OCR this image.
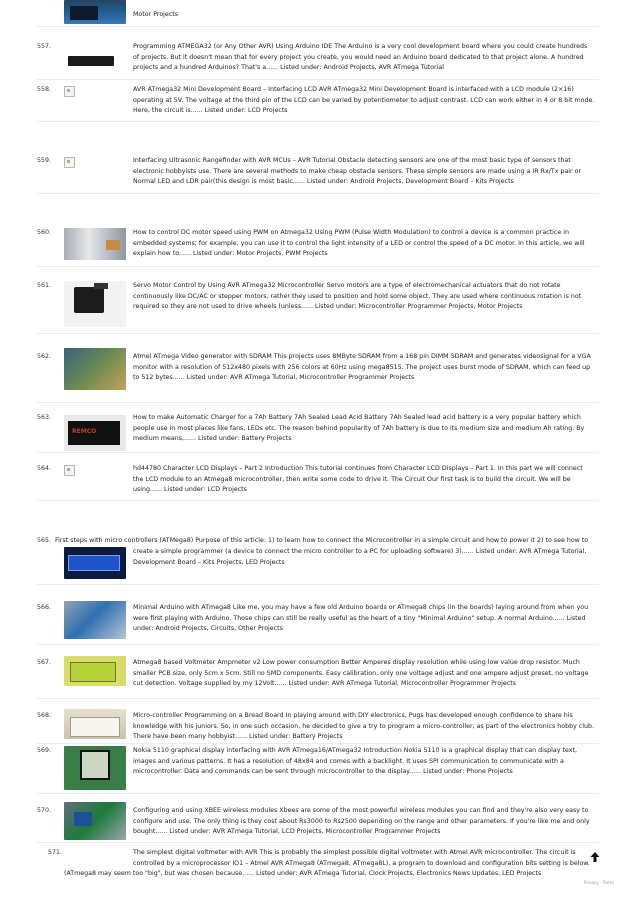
Motor Projects
557.	Programming ATMEGA32 (or Any Other AVR) Using Arduino IDE The Arduino is a very cool development board where you could create hundreds of projects. But it doesn't mean that for every project you create, you would need an Arduino board dedicated to that project alone. A hundred projects and a hundred Arduinos? That's a...... Listed under: Android Projects, AVR ATmega Tutorial
558.	AVR ATmega32 Mini Development Board – Interfacing LCD AVR ATmega32 Mini Development Board is interfaced with a LCD module (2×16) operating at 5V. The voltage at the third pin of the LCD can be varied by potentiometer to adjust contrast. LCD can work either in 4 or 8 bit mode. Here, the circuit is...... Listed under: LCD Projects
559.	Interfacing Ultrasonic Rangefinder with AVR MCUs – AVR Tutorial Obstacle detecting sensors are one of the most basic type of sensors that electronic hobbyists use. There are several methods to make cheap obstacle sensors. These simple sensors are made using a IR Rx/Tx pair or Normal LED and LDR pair(this design is most basic...... Listed under: Android Projects, Development Board – Kits Projects
560.	How to control DC motor speed using PWM on Atmega32 Using PWM (Pulse Width Modulation) to control a device is a common practice in embedded systems; for example, you can use it to control the light intensity of a LED or control the speed of a DC motor. In this article, we will explain how to...... Listed under: Motor Projects, PWM Projects
561.	Servo Motor Control by Using AVR ATmega32 Microcontroller Servo motors are a type of electromechanical actuators that do not rotate continuously like DC/AC or stepper motors, rather they used to position and hold some object. They are used where continuous rotation is not required so they are not used to drive wheels (unless...... Listed under: Microcontroller Programmer Projects, Motor Projects
562.	Atmel ATmega Video generator with SDRAM This projects uses 8MByte SDRAM from a 168 pin DIMM SDRAM and generates videosignal for a VGA monitor with a resolution of 512x480 pixels with 256 colors at 60Hz using mega8515. The project uses burst mode of SDRAM, which can feed up to 512 bytes...... Listed under: AVR ATmega Tutorial, Microcontroller Programmer Projects
563.
REMCO	How to make Automatic Charger for a 7Ah Battery 7Ah Sealed Lead Acid Battery 7Ah Sealed lead acid battery is a very popular battery which people use in most places like fans, LEDs etc. The reason behind popularity of 7Ah battery is due to its medium size and medium Ah rating. By medium means,...... Listed under: Battery Projects
564.	hd44780 Character LCD Displays – Part 2 Introduction This tutorial continues from Character LCD Displays – Part 1. In this part we will connect the LCD module to an Atmega8 microcontroller, then write some code to drive it. The Circuit Our first task is to build the circuit. We will be using...... Listed under: LCD Projects
565. First steps with micro controllers (ATMega8) Purpose of this article: 1) to learn how to connect the Microcontroller in a simple circuit and how to power it 2) to see how to
create a simple programmer (a device to connect the micro controller to a PC for uploading software) 3)...... Listed under: AVR ATmega Tutorial, Development Board – Kits Projects, LED Projects
566.	Minimal Arduino with ATmega8 Like me, you may have a few old Arduino boards or ATmega8 chips (in the boards) laying around from when you were first playing with Arduino. Those chips can still be really useful as the heart of a tiny "Minimal Arduino" setup. A normal Arduino...... Listed under: Android Projects, Circuits, Other Projects
567.	Atmega8 based Voltmeter Ampmeter v2 Low power consumption Better Amperes display resolution while using low value drop resistor. Much smaller PCB size, only 5cm x 5cm. Still no SMD components. Easy calibration, only one voltage adjust and one ampere adjust preset, no voltage cut detection. Voltage supplied by my 12Volt...... Listed under: AVR ATmega Tutorial, Microcontroller Programmer Projects
568.	Micro-controller Programming on a Bread Board In playing around with DIY electronics, Pugs has developed enough confidence to share his knowledge with his juniors. So, in one such occasion, he decided to give a try to program a micro-controller, as part of the electronics hobby club. There have been many hobbyist...... Listed under: Battery Projects
569.	Nokia 5110 graphical display interfacing with AVR ATmega16/ATmega32 Introduction Nokia 5110 is a graphical display that can display text, images and various patterns. It has a resolution of 48x84 and comes with a backlight. It uses SPI communication to communicate with a microcontroller. Data and commands can be sent through microcontroller to the display...... Listed under: Phone Projects
570.	Configuring and using XBEE wireless modules Xbees are some of the most powerful wireless modules you can find and they're also very easy to configure and use. The only thing is they cost about Rs3000 to Rs2500 depending on the range and other parameters. If you're like me and only bought...... Listed under: AVR ATmega Tutorial, LCD Projects, Microcontroller Programmer Projects
571.	The simplest digital voltmeter with AVR This is probably the simplest possible digital voltmeter with Atmel AVR microcontroller. The circuit is controlled by a microprocessor IO1 – Atmel AVR ATmega8 (ATmega8, ATmega8L), a program to download and configuration bits setting is below.
(ATmega8 may seem too "big", but was chosen because...... Listed under: AVR ATmega Tutorial, Clock Projects, Electronics News Updates, LED Projects
Privacy - Terms
